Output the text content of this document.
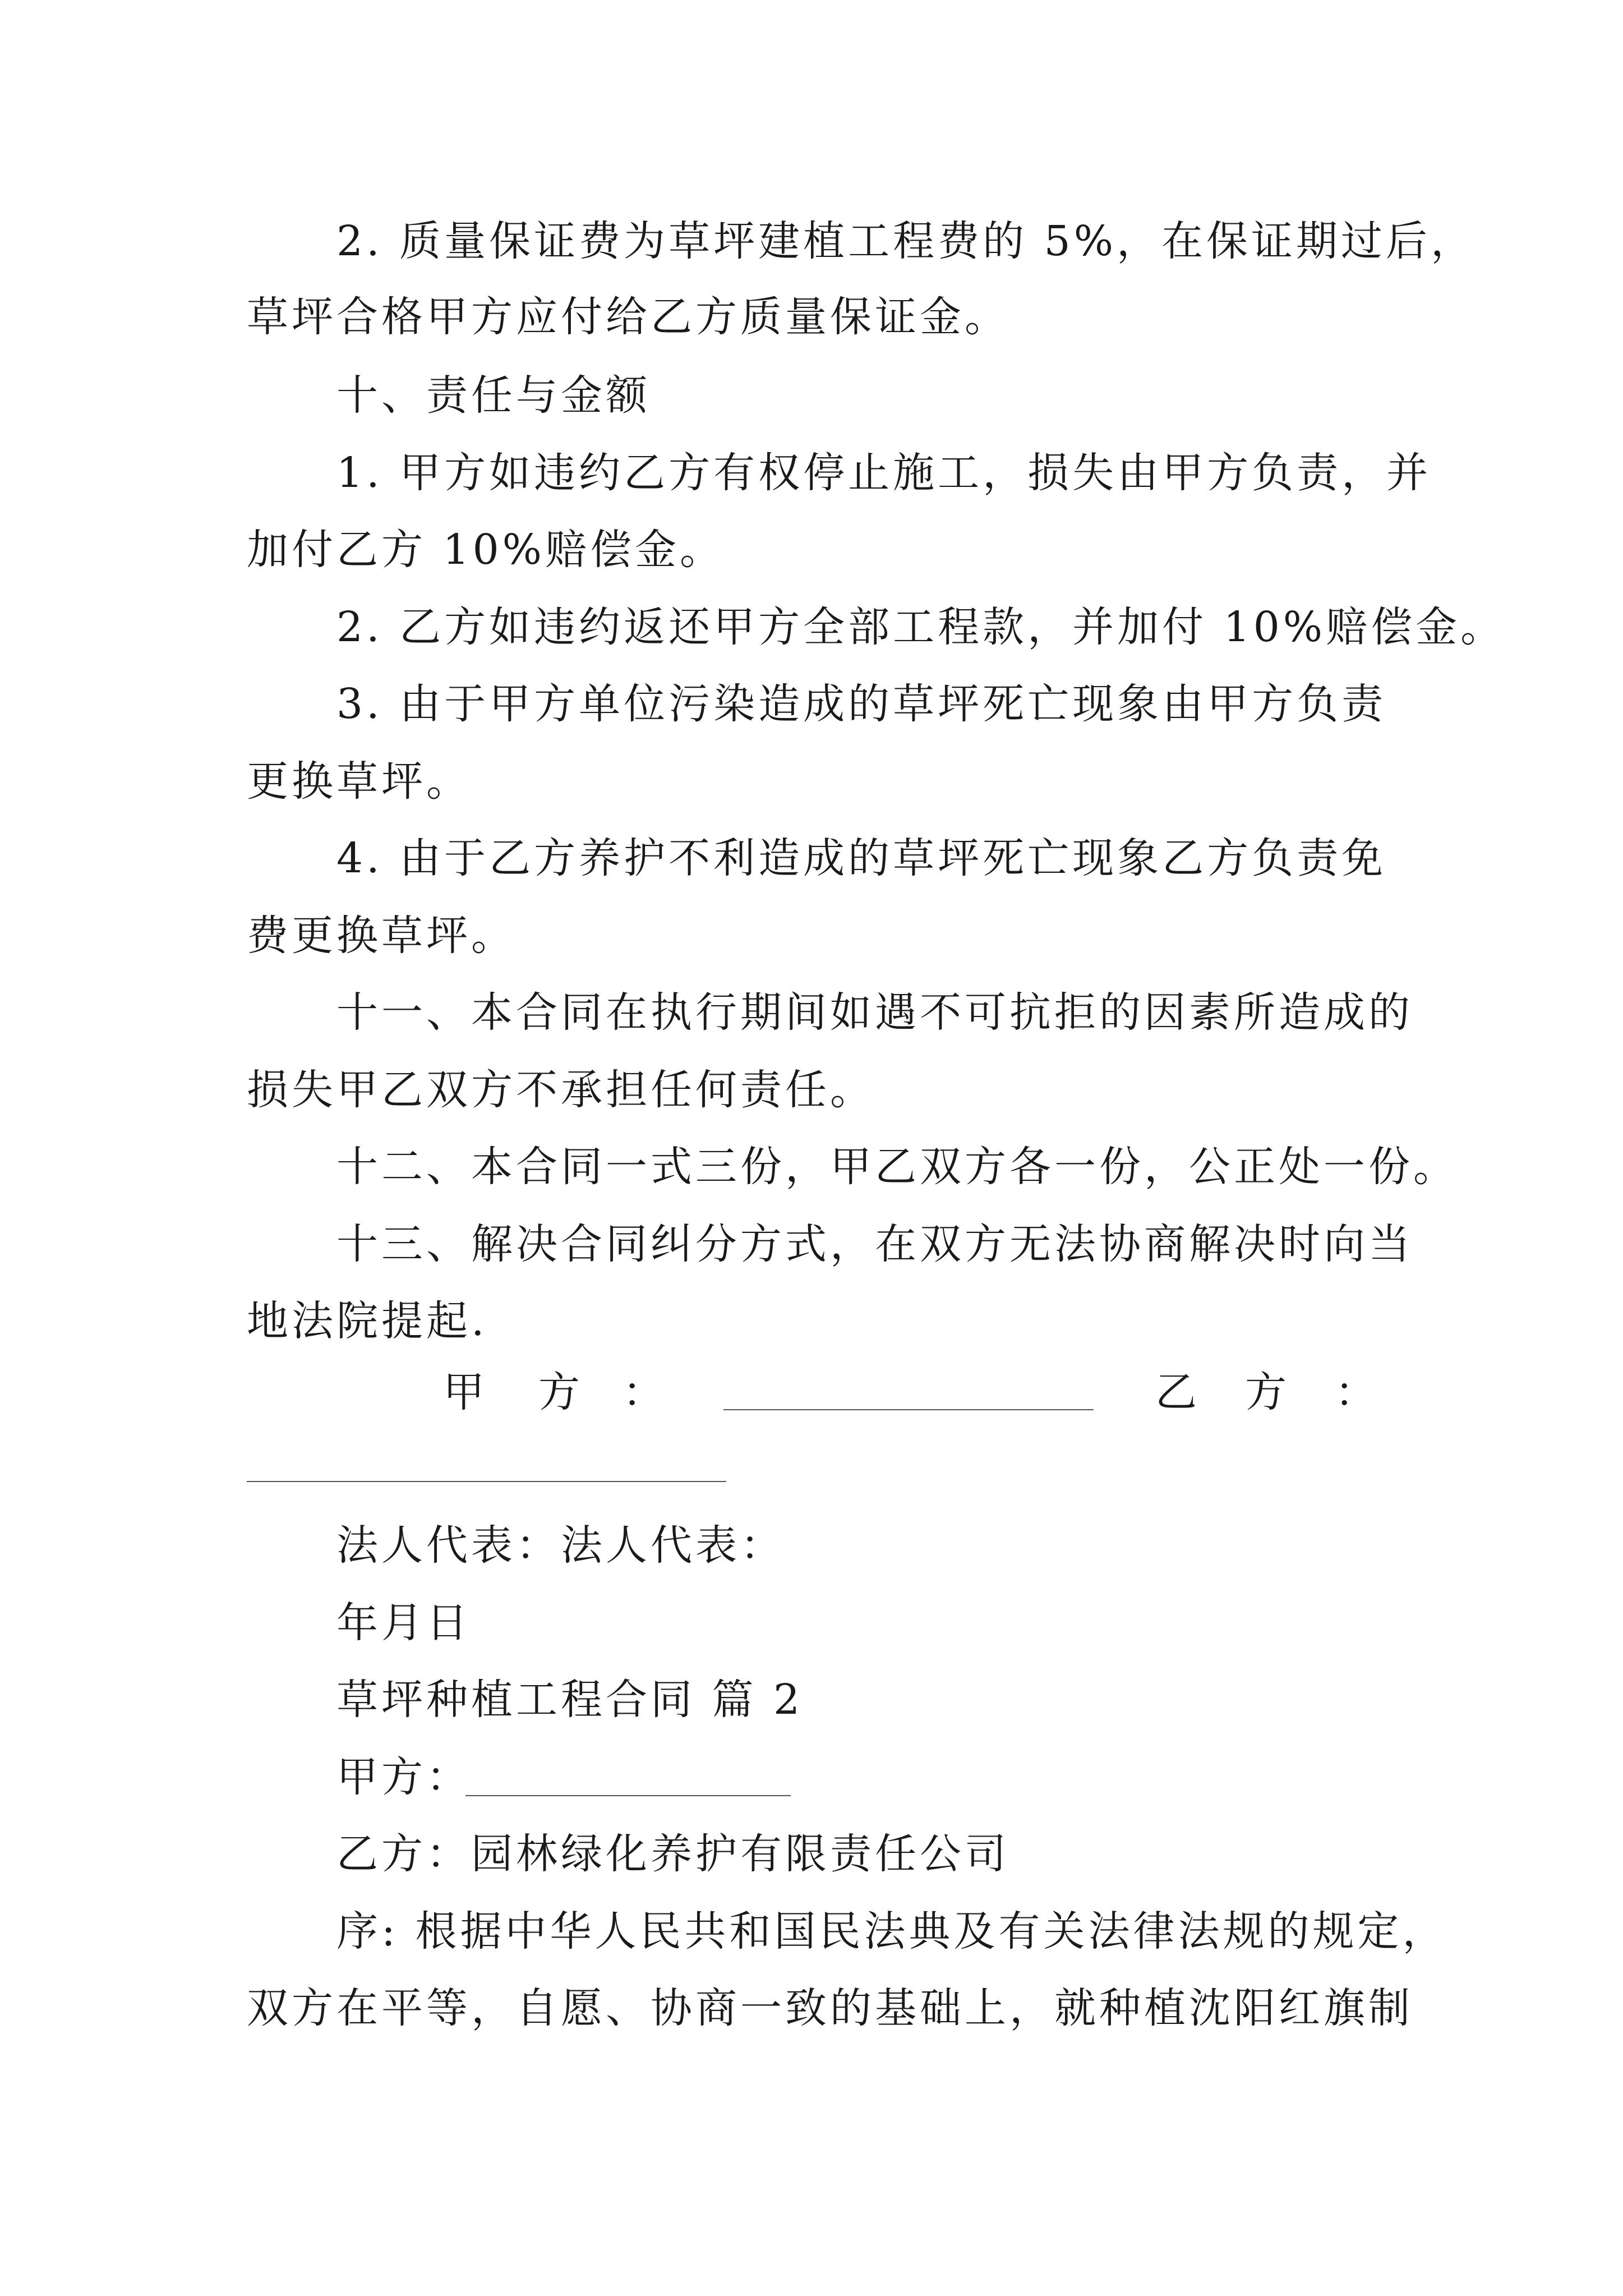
2. 质量保证费为草坪建植工程费的 5%，在保证期过后，
草坪合格甲方应付给乙方质量保证金。
十、责任与金额
1. 甲方如违约乙方有权停止施工，损失由甲方负责，并
加付乙方 10%赔偿金。
2. 乙方如违约返还甲方全部工程款，并加付 10%赔偿金。
3. 由于甲方单位污染造成的草坪死亡现象由甲方负责
更换草坪。
4. 由于乙方养护不利造成的草坪死亡现象乙方负责免
费更换草坪。
十一、本合同在执行期间如遇不可抗拒的因素所造成的
损失甲乙双方不承担任何责任。
十二、本合同一式三份，甲乙双方各一份，公正处一份。
十三、解决合同纠分方式，在双方无法协商解决时向当
地法院提起.
甲 方 ：	乙 方 ：
法人代表：法人代表：
年月日
草坪种植工程合同 篇 2
甲方：
乙方：园林绿化养护有限责任公司
序: 根据中华人民共和国民法典及有关法律法规的规定，
双方在平等，自愿、协商一致的基础上，就种植沈阳红旗制
